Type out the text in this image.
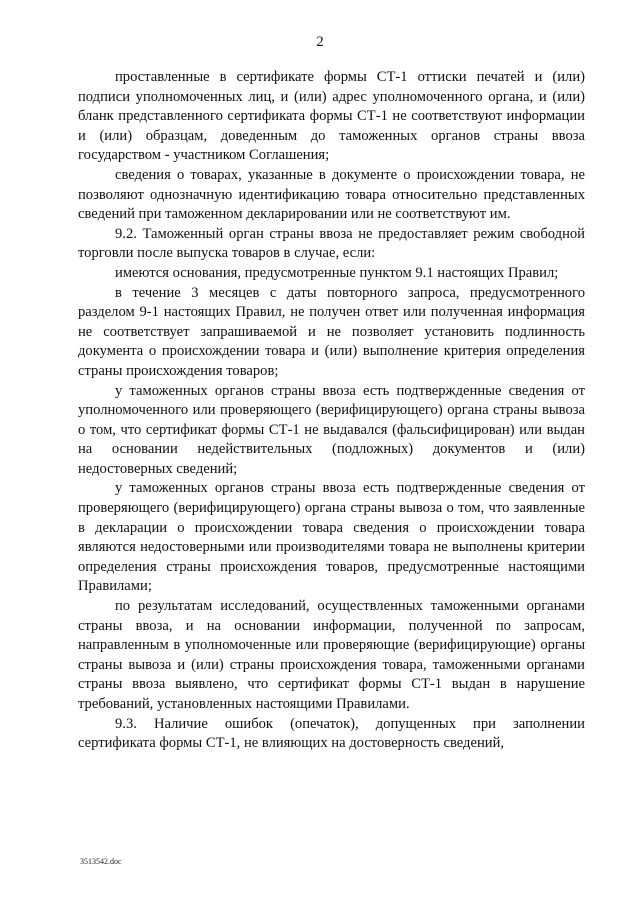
2

проставленные в сертификате формы СТ-1 оттиски печатей и (или) подписи уполномоченных лиц, и (или) адрес уполномоченного органа, и (или) бланк представленного сертификата формы СТ-1 не соответствуют информации и (или) образцам, доведенным до таможенных органов страны ввоза государством - участником Соглашения;

сведения о товарах, указанные в документе о происхождении товара, не позволяют однозначную идентификацию товара относительно представленных сведений при таможенном декларировании или не соответствуют им.

9.2. Таможенный орган страны ввоза не предоставляет режим свободной торговли после выпуска товаров в случае, если:

имеются основания, предусмотренные пунктом 9.1 настоящих Правил;

в течение 3 месяцев с даты повторного запроса, предусмотренного разделом 9-1 настоящих Правил, не получен ответ или полученная информация не соответствует запрашиваемой и не позволяет установить подлинность документа о происхождении товара и (или) выполнение критерия определения страны происхождения товаров;

у таможенных органов страны ввоза есть подтвержденные сведения от уполномоченного или проверяющего (верифицирующего) органа страны вывоза о том, что сертификат формы СТ-1 не выдавался (фальсифицирован) или выдан на основании недействительных (подложных) документов и (или) недостоверных сведений;

у таможенных органов страны ввоза есть подтвержденные сведения от проверяющего (верифицирующего) органа страны вывоза о том, что заявленные в декларации о происхождении товара сведения о происхождении товара являются недостоверными или производителями товара не выполнены критерии определения страны происхождения товаров, предусмотренные настоящими Правилами;

по результатам исследований, осуществленных таможенными органами страны ввоза, и на основании информации, полученной по запросам, направленным в уполномоченные или проверяющие (верифицирующие) органы страны вывоза и (или) страны происхождения товара, таможенными органами страны ввоза выявлено, что сертификат формы СТ-1 выдан в нарушение требований, установленных настоящими Правилами.

9.3. Наличие ошибок (опечаток), допущенных при заполнении сертификата формы СТ-1, не влияющих на достоверность сведений,

3513542.doc
